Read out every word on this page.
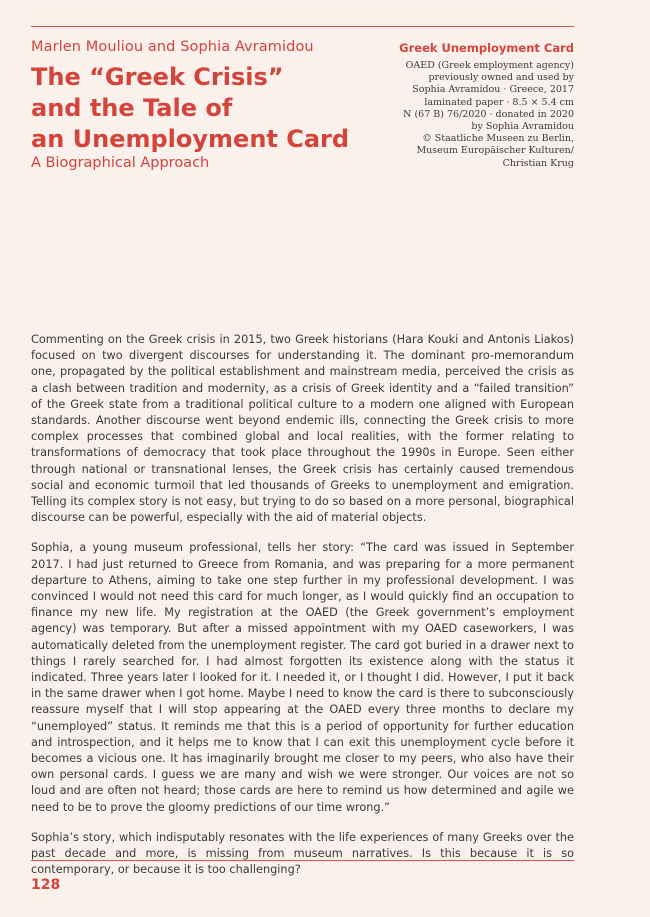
Marlen Mouliou and Sophia Avramidou
The “Greek Crisis”
and the Tale of
an Unemployment Card
A Biographical Approach
Greek Unemployment Card
OAED (Greek employment agency)
previously owned and used by
Sophia Avramidou · Greece, 2017
laminated paper · 8.5 × 5.4 cm
N (67 B) 76/2020 · donated in 2020
by Sophia Avramidou
© Staatliche Museen zu Berlin,
Museum Europäischer Kulturen/
Christian Krug

Commenting on the Greek crisis in 2015, two Greek historians (Hara Kouki and Antonis Liakos) focused on two divergent discourses for understanding it. The dominant pro-memorandum one, propagated by the political establishment and mainstream media, perceived the crisis as a clash between tradition and modernity, as a crisis of Greek identity and a “failed transition” of the Greek state from a traditional political culture to a modern one aligned with European standards. Another discourse went beyond endemic ills, connecting the Greek crisis to more complex processes that combined global and local realities, with the former relating to transformations of democracy that took place throughout the 1990s in Europe. Seen either through national or transnational lenses, the Greek crisis has certainly caused tremendous social and economic turmoil that led thousands of Greeks to unemployment and emigration. Telling its complex story is not easy, but trying to do so based on a more personal, biographical discourse can be powerful, especially with the aid of material objects.

Sophia, a young museum professional, tells her story: “The card was issued in September 2017. I had just returned to Greece from Romania, and was preparing for a more permanent departure to Athens, aiming to take one step further in my professional development. I was convinced I would not need this card for much longer, as I would quickly find an occupation to finance my new life. My registration at the OAED (the Greek government’s employment agency) was temporary. But after a missed appointment with my OAED caseworkers, I was automatically deleted from the unemployment register. The card got buried in a drawer next to things I rarely searched for. I had almost forgotten its existence along with the status it indicated. Three years later I looked for it. I needed it, or I thought I did. However, I put it back in the same drawer when I got home. Maybe I need to know the card is there to subconsciously reassure myself that I will stop appearing at the OAED every three months to declare my “unemployed” status. It reminds me that this is a period of opportunity for further education and introspection, and it helps me to know that I can exit this unemployment cycle before it becomes a vicious one. It has imaginarily brought me closer to my peers, who also have their own personal cards. I guess we are many and wish we were stronger. Our voices are not so loud and are often not heard; those cards are here to remind us how determined and agile we need to be to prove the gloomy predictions of our time wrong.”

Sophia’s story, which indisputably resonates with the life experiences of many Greeks over the past decade and more, is missing from museum narratives. Is this because it is so contemporary, or because it is too challenging?

128
